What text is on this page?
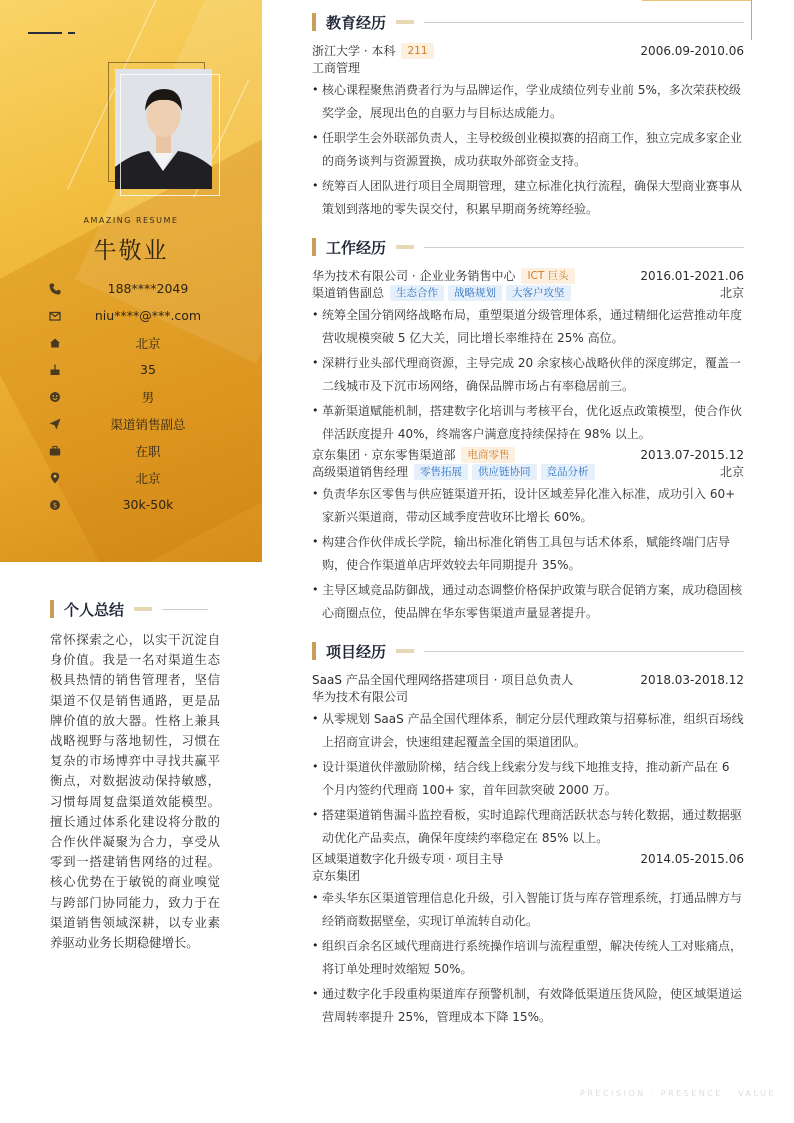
AMAZING RESUME
牛敬业
188****2049
niu****@***.com
北京
35
男
渠道销售副总
在职
北京
$	30k-50k
个人总结
常怀探索之心，以实干沉淀自身价值。我是一名对渠道生态极具热情的销售管理者，坚信渠道不仅是销售通路，更是品牌价值的放大器。性格上兼具战略视野与落地韧性，习惯在复杂的市场博弈中寻找共赢平衡点，对数据波动保持敏感，习惯每周复盘渠道效能模型。擅长通过体系化建设将分散的合作伙伴凝聚为合力，享受从零到一搭建销售网络的过程。核心优势在于敏锐的商业嗅觉与跨部门协同能力，致力于在渠道销售领域深耕，以专业素养驱动业务长期稳健增长。
教育经历
浙江大学 · 本科	211	2006.09-2010.06
工商管理
• 核心课程聚焦消费者行为与品牌运作，学业成绩位列专业前 5%，多次荣获校级奖学金，展现出色的自驱力与目标达成能力。
• 任职学生会外联部负责人，主导校级创业模拟赛的招商工作，独立完成多家企业的商务谈判与资源置换，成功获取外部资金支持。
• 统筹百人团队进行项目全周期管理，建立标准化执行流程，确保大型商业赛事从策划到落地的零失误交付，积累早期商务统筹经验。
工作经历
华为技术有限公司 · 企业业务销售中心	ICT 巨头	2016.01-2021.06
渠道销售副总	生态合作	战略规划	大客户攻坚	北京
• 统筹全国分销网络战略布局，重塑渠道分级管理体系，通过精细化运营推动年度营收规模突破 5 亿大关，同比增长率维持在 25% 高位。
• 深耕行业头部代理商资源，主导完成 20 余家核心战略伙伴的深度绑定，覆盖一二线城市及下沉市场网络，确保品牌市场占有率稳居前三。
• 革新渠道赋能机制，搭建数字化培训与考核平台，优化返点政策模型，使合作伙伴活跃度提升 40%，终端客户满意度持续保持在 98% 以上。
京东集团 · 京东零售渠道部	电商零售	2013.07-2015.12
高级渠道销售经理	零售拓展	供应链协同	竞品分析	北京
• 负责华东区零售与供应链渠道开拓，设计区域差异化准入标准，成功引入 60+ 家新兴渠道商，带动区域季度营收环比增长 60%。
• 构建合作伙伴成长学院，输出标准化销售工具包与话术体系，赋能终端门店导购，使合作渠道单店坪效较去年同期提升 35%。
• 主导区域竞品防御战，通过动态调整价格保护政策与联合促销方案，成功稳固核心商圈点位，使品牌在华东零售渠道声量显著提升。
项目经历
SaaS 产品全国代理网络搭建项目 · 项目总负责人	2018.03-2018.12
华为技术有限公司
• 从零规划 SaaS 产品全国代理体系，制定分层代理政策与招募标准，组织百场线上招商宣讲会，快速组建起覆盖全国的渠道团队。
• 设计渠道伙伴激励阶梯，结合线上线索分发与线下地推支持，推动新产品在 6 个月内签约代理商 100+ 家，首年回款突破 2000 万。
• 搭建渠道销售漏斗监控看板，实时追踪代理商活跃状态与转化数据，通过数据驱动优化产品卖点，确保年度续约率稳定在 85% 以上。
区域渠道数字化升级专项 · 项目主导	2014.05-2015.06
京东集团
• 牵头华东区渠道管理信息化升级，引入智能订货与库存管理系统，打通品牌方与经销商数据壁垒，实现订单流转自动化。
• 组织百余名区域代理商进行系统操作培训与流程重塑，解决传统人工对账痛点，将订单处理时效缩短 50%。
• 通过数字化手段重构渠道库存预警机制，有效降低渠道压货风险，使区域渠道运营周转率提升 25%，管理成本下降 15%。
PRECISION · PRESENCE · VALUE
